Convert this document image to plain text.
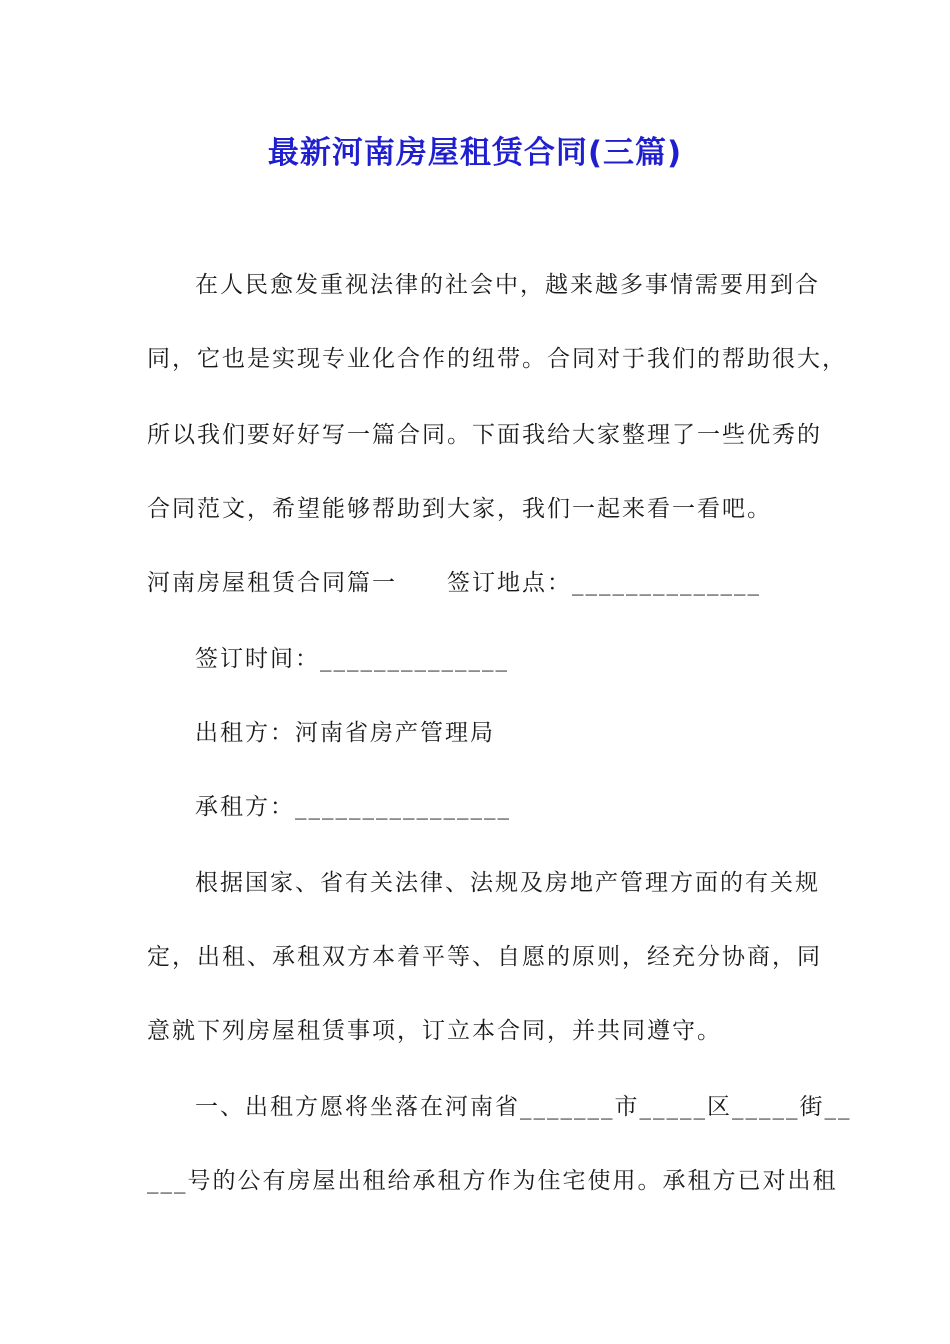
最新河南房屋租赁合同(三篇)
在人民愈发重视法律的社会中，越来越多事情需要用到合
同，它也是实现专业化合作的纽带。合同对于我们的帮助很大，
所以我们要好好写一篇合同。下面我给大家整理了一些优秀的
合同范文，希望能够帮助到大家，我们一起来看一看吧。
河南房屋租赁合同篇一　　签订地点：______________
签订时间：______________
出租方：河南省房产管理局
承租方：________________
根据国家、省有关法律、法规及房地产管理方面的有关规
定，出租、承租双方本着平等、自愿的原则，经充分协商，同
意就下列房屋租赁事项，订立本合同，并共同遵守。
一、出租方愿将坐落在河南省_______市_____区_____街__
___号的公有房屋出租给承租方作为住宅使用。承租方已对出租
